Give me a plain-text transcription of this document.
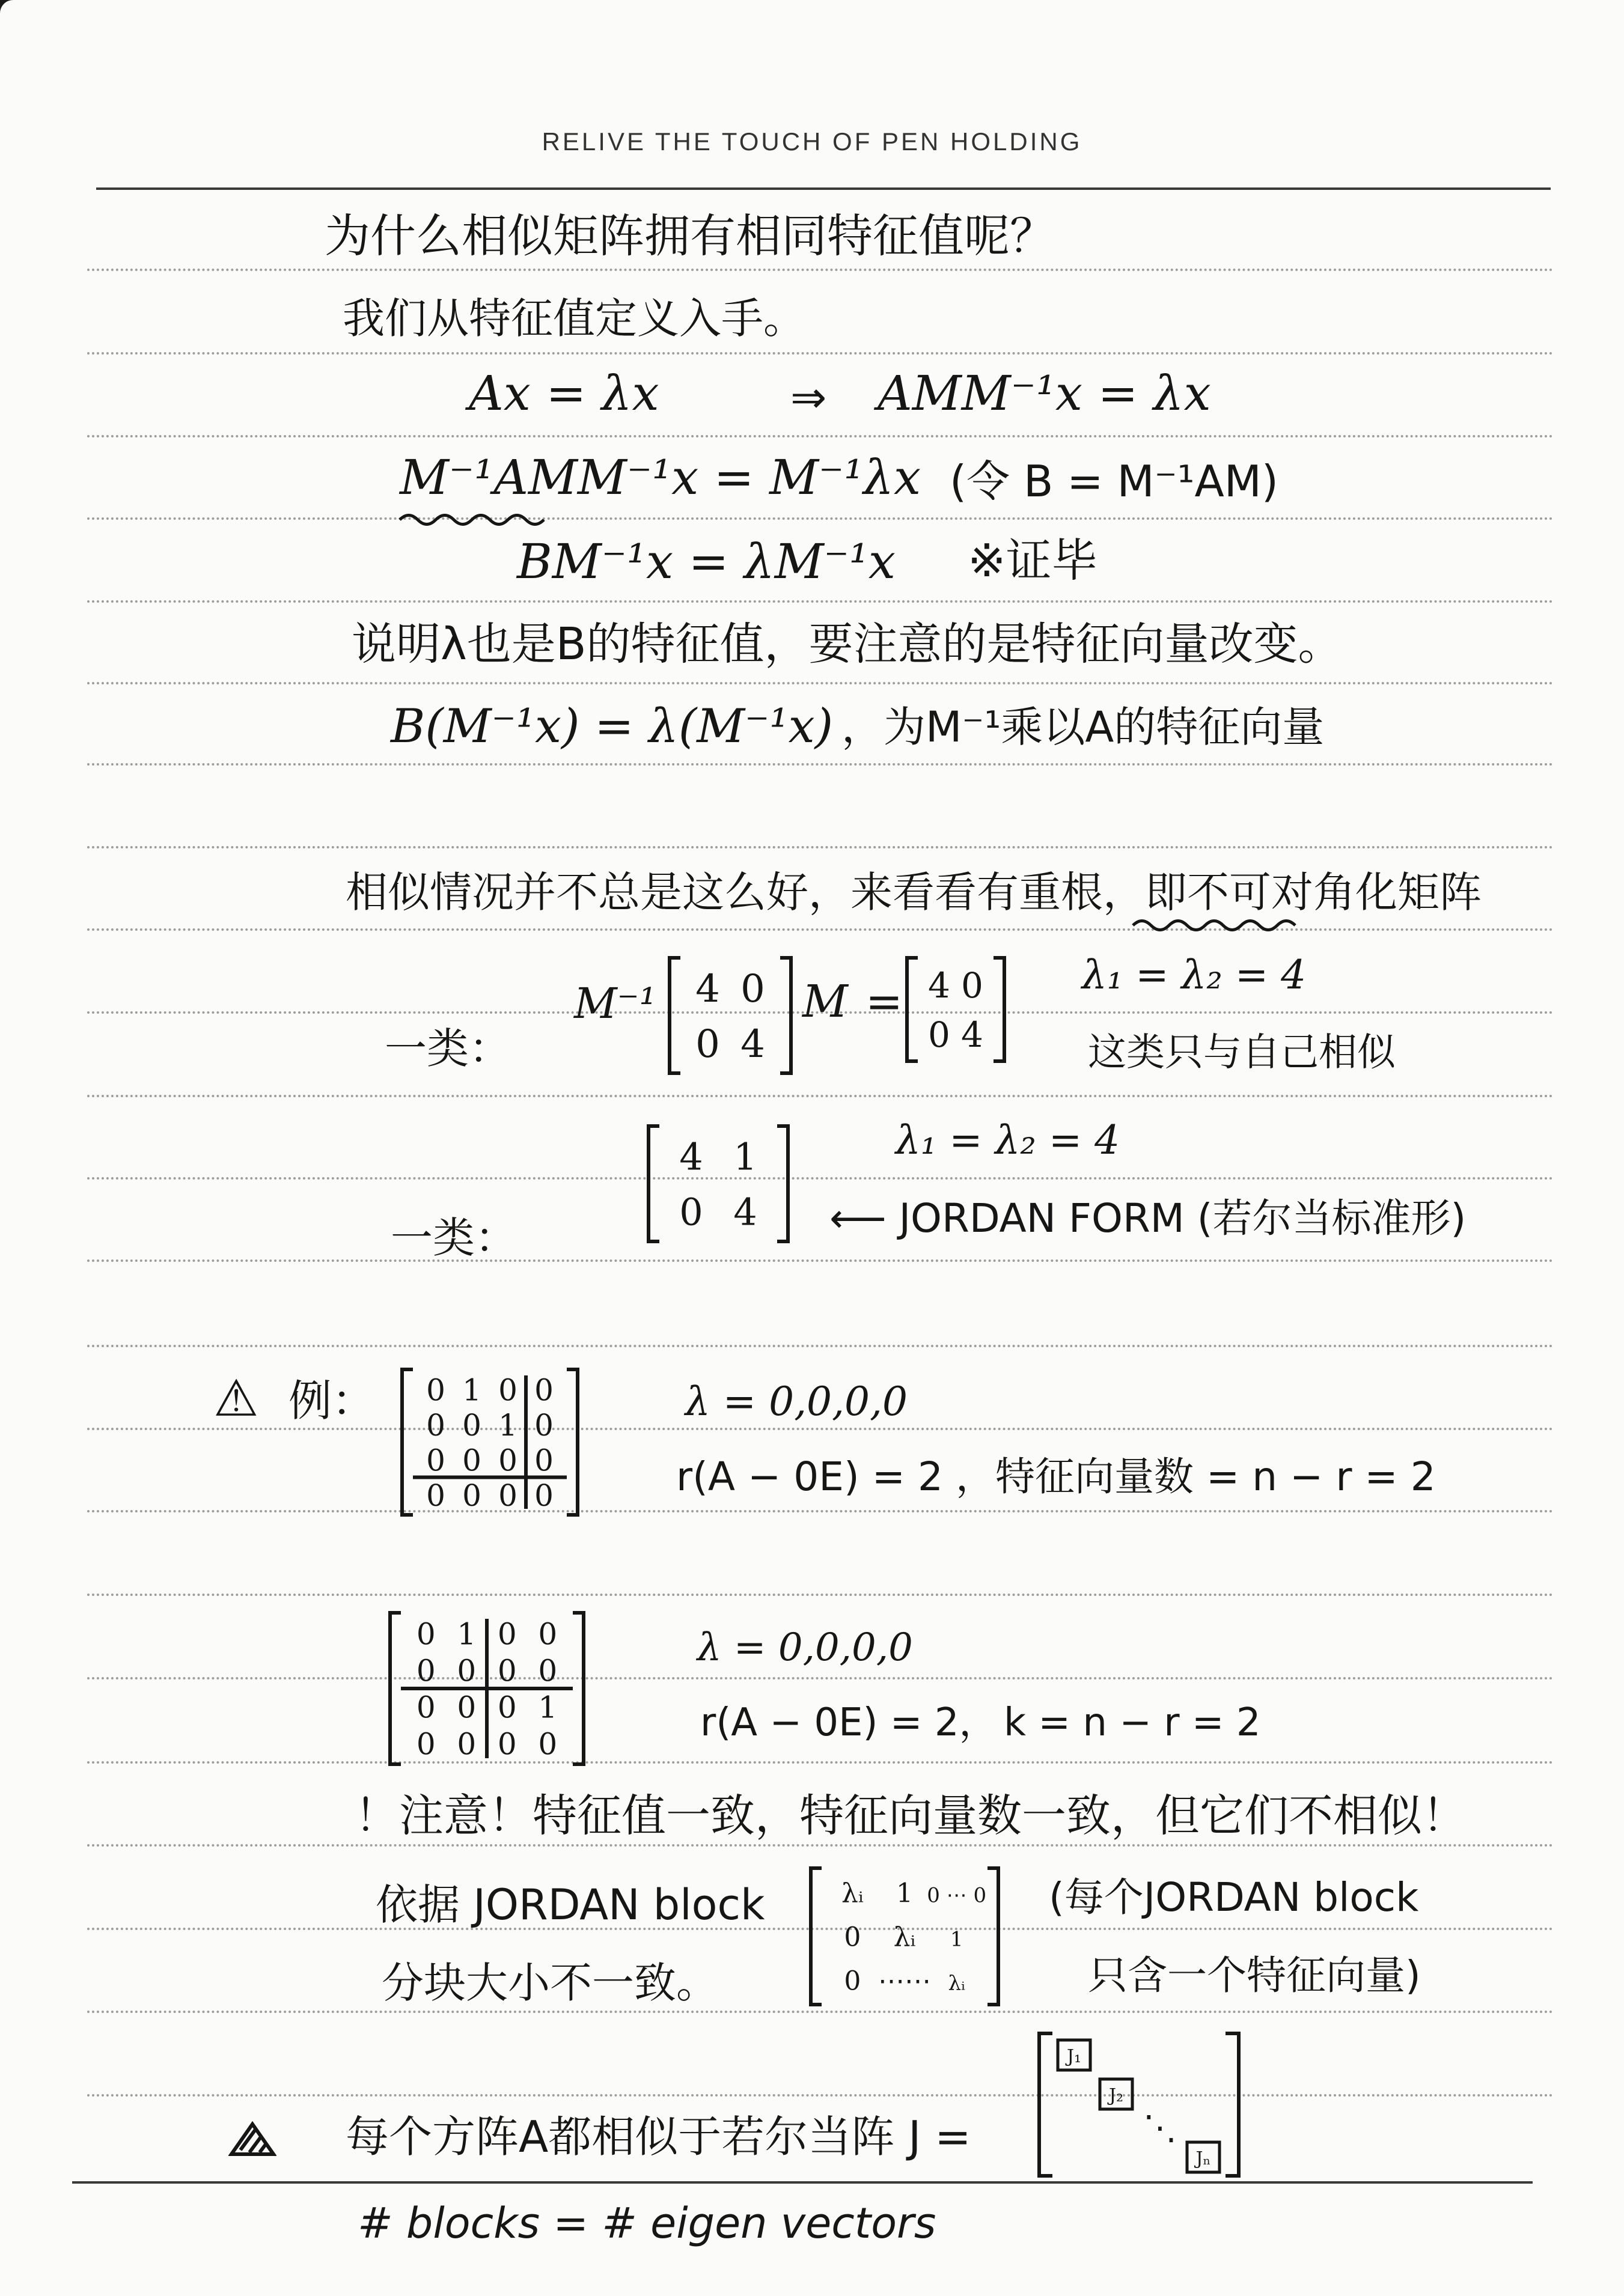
RELIVE THE TOUCH OF PEN HOLDING
为什么相似矩阵拥有相同特征值呢？
我们从特征值定义入手。
Ax = λx	⇒ AMM⁻¹x = λx
M⁻¹AMM⁻¹x = M⁻¹λx (令 B = M⁻¹AM)
BM⁻¹x = λM⁻¹x ※证毕
说明λ也是B的特征值，要注意的是特征向量改变。
B(M⁻¹x) = λ(M⁻¹x) ，为M⁻¹乘以A的特征向量
相似情况并不总是这么好，来看看有重根，即不可对角化矩阵
一类：
M⁻¹ 4 0
0 4
M = 4 0
0 4
λ₁ = λ₂ = 4
这类只与自己相似
一类：
4 1
0 4
λ₁ = λ₂ = 4
⟵ JORDAN FORM (若尔当标准形)
⚠ 例： 0 1 0 0
0 0 1 0
0 0 0 0
0 0 0 0
λ = 0,0,0,0
r(A − 0E) = 2 ，特征向量数 = n − r = 2
0 1 0 0
0 0 0 0
0 0 0 1
0 0 0 0
λ = 0,0,0,0
r(A − 0E) = 2， k = n − r = 2
！注意！特征值一致，特征向量数一致，但它们不相似！
依据 JORDAN block
分块大小不一致。
λᵢ 1 0 ⋯ 0
0 λᵢ 1
0 ⋯⋯ λᵢ
(每个JORDAN block
只含一个特征向量)
每个方阵A都相似于若尔当阵 J =
J₁
J₂
Jₙ
⋱
# blocks = # eigen vectors
